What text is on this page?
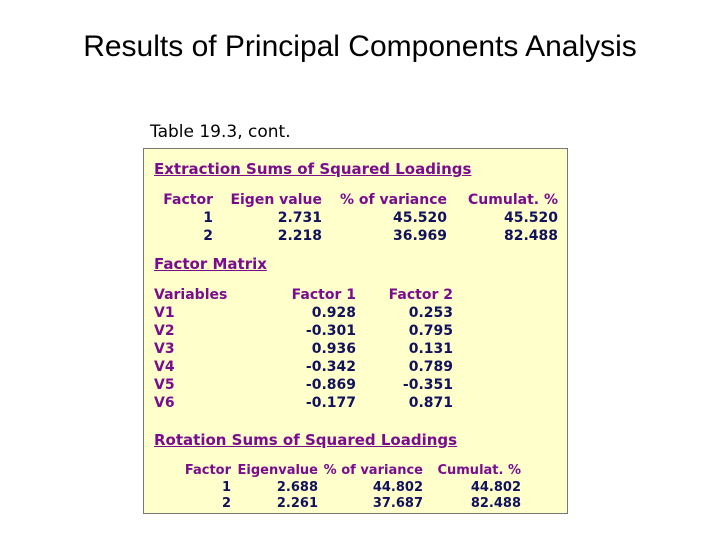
Results of Principal Components Analysis
Table 19.3, cont.
Extraction Sums of Squared Loadings
Factor Eigen value % of variance Cumulat. %
1	2.731	45.520	45.520
2	2.218	36.969	82.488
Factor Matrix
Variables	Factor 1 Factor 2
V1	0.928	0.253
V2	-0.301	0.795
V3	0.936	0.131
V4	-0.342	0.789
V5	-0.869	-0.351
V6	-0.177	0.871
Rotation Sums of Squared Loadings
Factor Eigenvalue % of variance Cumulat. %
1	2.688	44.802	44.802
2	2.261	37.687	82.488
